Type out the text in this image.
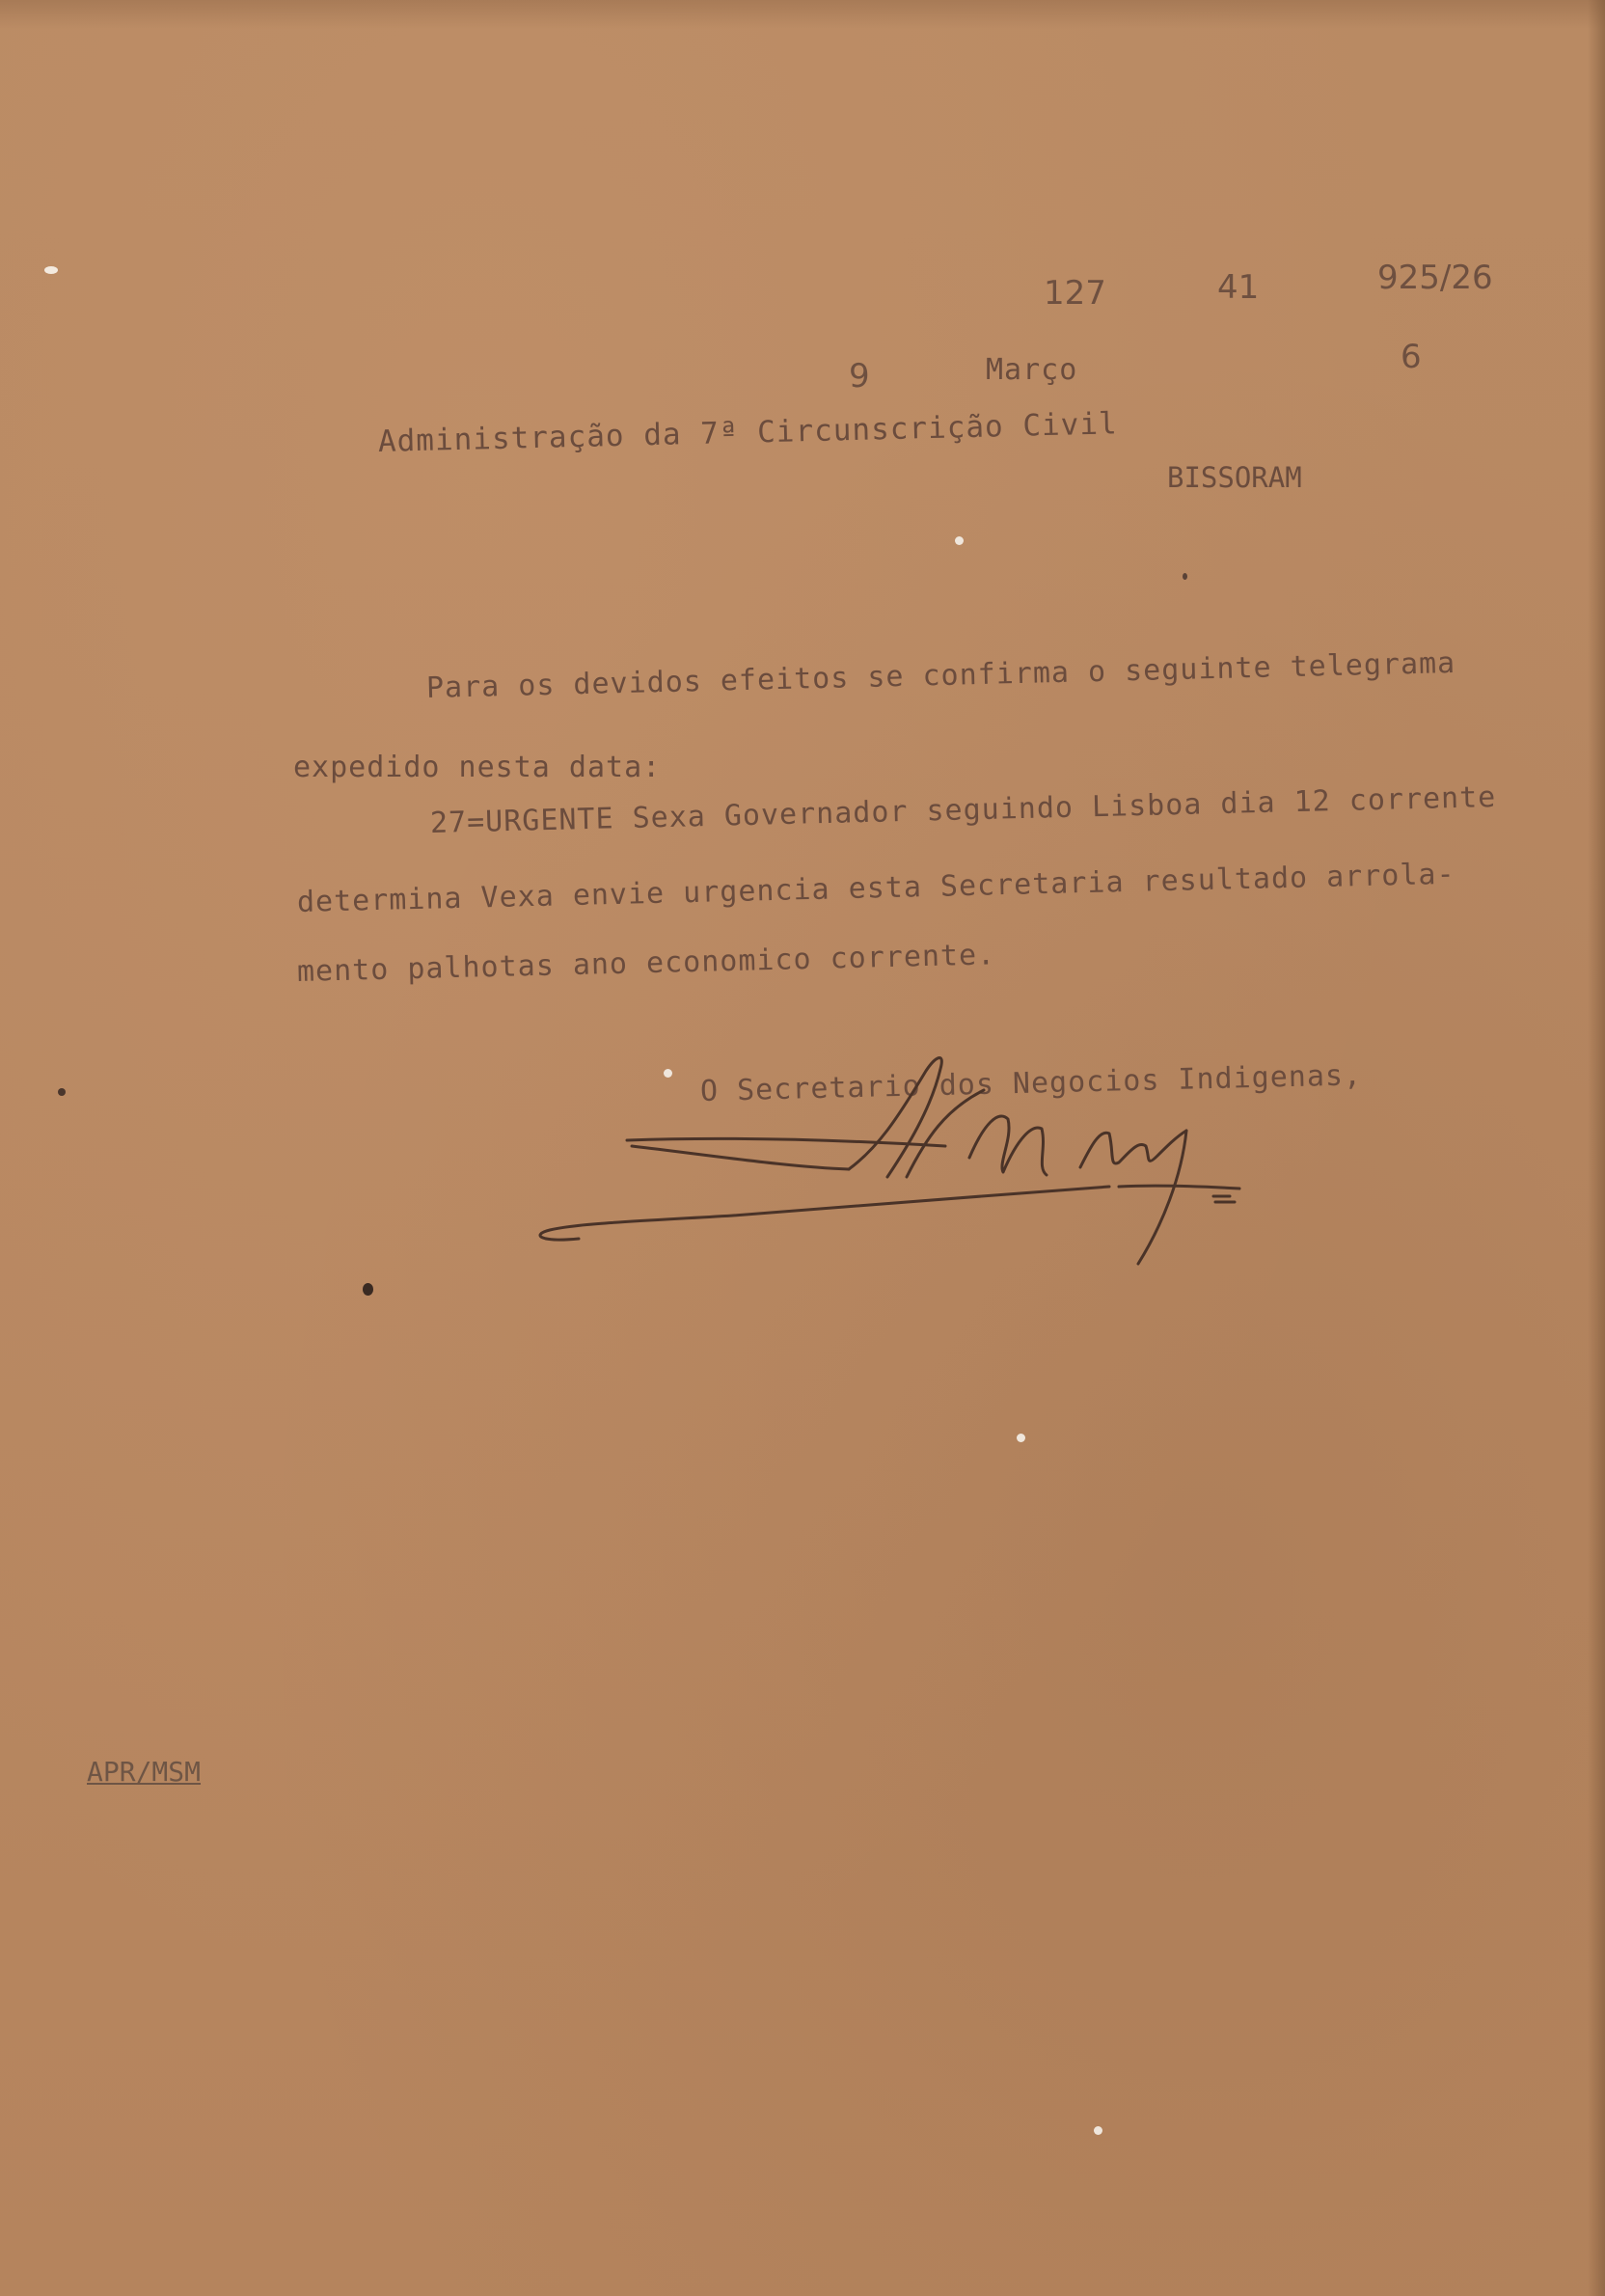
127	41	925/26
9	Março	6
Administração da 7ª Circunscrição Civil
BISSORAM
Para os devidos efeitos se confirma o seguinte telegrama
expedido nesta data:
27=URGENTE Sexa Governador seguindo Lisboa dia 12 corrente
determina Vexa envie urgencia esta Secretaria resultado arrola-
mento palhotas ano economico corrente.
O Secretario dos Negocios Indigenas,
APR/MSM
